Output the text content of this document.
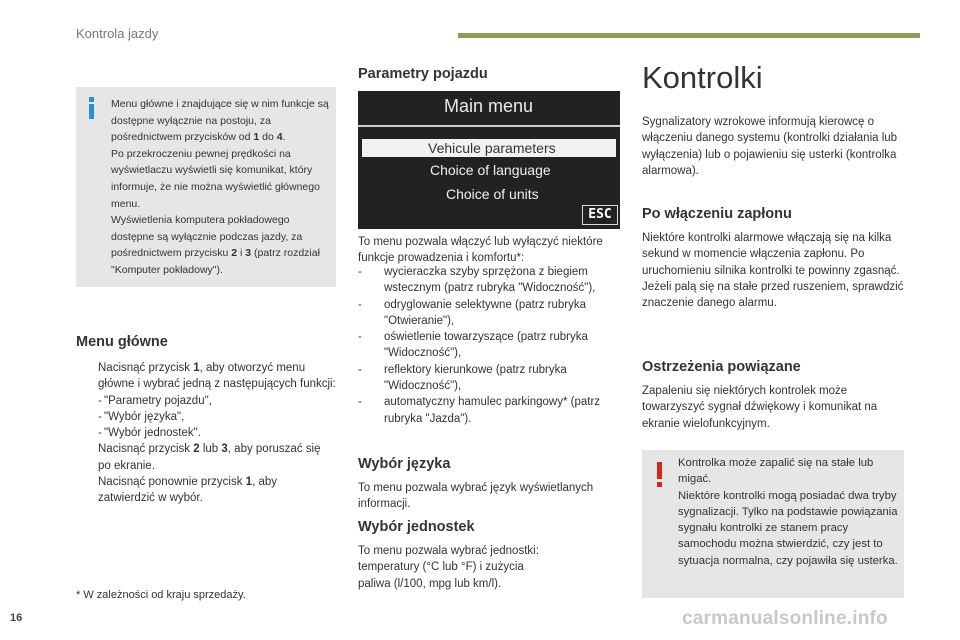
Kontrola jazdy
Menu główne i znajdujące się w nim funkcje są dostępne wyłącznie na postoju, za pośrednictwem przycisków od 1 do 4.
Po przekroczeniu pewnej prędkości na wyświetlaczu wyświetli się komunikat, który informuje, że nie można wyświetlić głównego menu.
Wyświetlenia komputera pokładowego dostępne są wyłącznie podczas jazdy, za pośrednictwem przycisku 2 i 3 (patrz rozdział "Komputer pokładowy").
Menu główne
Nacisnąć przycisk 1, aby otworzyć menu główne i wybrać jedną z następujących funkcji:
- "Parametry pojazdu",
- "Wybór języka",
- "Wybór jednostek".
Nacisnąć przycisk 2 lub 3, aby poruszać się po ekranie.
Nacisnąć ponownie przycisk 1, aby zatwierdzić w wybór.
* W zależności od kraju sprzedaży.
Parametry pojazdu
Main menu
Vehicule parameters
Choice of language
Choice of units
ESC
To menu pozwala włączyć lub wyłączyć niektóre funkcje prowadzenia i komfortu*:
- wycieraczka szyby sprzężona z biegiem wstecznym (patrz rubryka "Widoczność"),
- odryglowanie selektywne (patrz rubryka "Otwieranie"),
- oświetlenie towarzyszące (patrz rubryka "Widoczność"),
- reflektory kierunkowe (patrz rubryka "Widoczność"),
- automatyczny hamulec parkingowy* (patrz rubryka "Jazda").
Wybór języka
To menu pozwala wybrać język wyświetlanych informacji.
Wybór jednostek
To menu pozwala wybrać jednostki:
temperatury (°C lub °F) i zużycia
paliwa (l/100, mpg lub km/l).
Kontrolki
Sygnalizatory wzrokowe informują kierowcę o włączeniu danego systemu (kontrolki działania lub wyłączenia) lub o pojawieniu się usterki (kontrolka alarmowa).
Po włączeniu zapłonu
Niektóre kontrolki alarmowe włączają się na kilka sekund w momencie włączenia zapłonu. Po uruchomieniu silnika kontrolki te powinny zgasnąć.
Jeżeli palą się na stałe przed ruszeniem, sprawdzić znaczenie danego alarmu.
Ostrzeżenia powiązane
Zapaleniu się niektórych kontrolek może towarzyszyć sygnał dźwiękowy i komunikat na ekranie wielofunkcyjnym.
Kontrolka może zapalić się na stałe lub migać.
Niektóre kontrolki mogą posiadać dwa tryby sygnalizacji. Tylko na podstawie powiązania sygnału kontrolki ze stanem pracy samochodu można stwierdzić, czy jest to sytuacja normalna, czy pojawiła się usterka.
16	carmanualsonline.info
